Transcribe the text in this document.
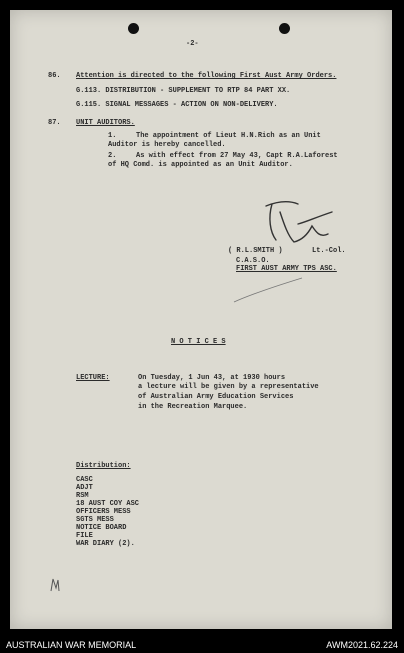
-2-
86. Attention is directed to the following First Aust Army Orders.
G.113. DISTRIBUTION - SUPPLEMENT TO RTP 84 PART XX.
G.115. SIGNAL MESSAGES - ACTION ON NON-DELIVERY.
87. UNIT AUDITORS.
1.	The appointment of Lieut H.N.Rich as an Unit
Auditor is hereby cancelled.
2.	As with effect from 27 May 43, Capt R.A.Laforest
of HQ Comd. is appointed as an Unit Auditor.
( R.L.SMITH )	Lt.-Col.
C.A.S.O.
FIRST AUST ARMY TPS ASC.
N O T I C E S
LECTURE:	On Tuesday, 1 Jun 43, at 1930 hours
a lecture will be given by a representative
of Australian Army Education Services
in the Recreation Marquee.
Distribution:
CASC
ADJT
RSM
18 AUST COY ASC
OFFICERS MESS
SGTS MESS
NOTICE BOARD
FILE
WAR DIARY (2).
AUSTRALIAN WAR MEMORIAL	AWM2021.62.224
